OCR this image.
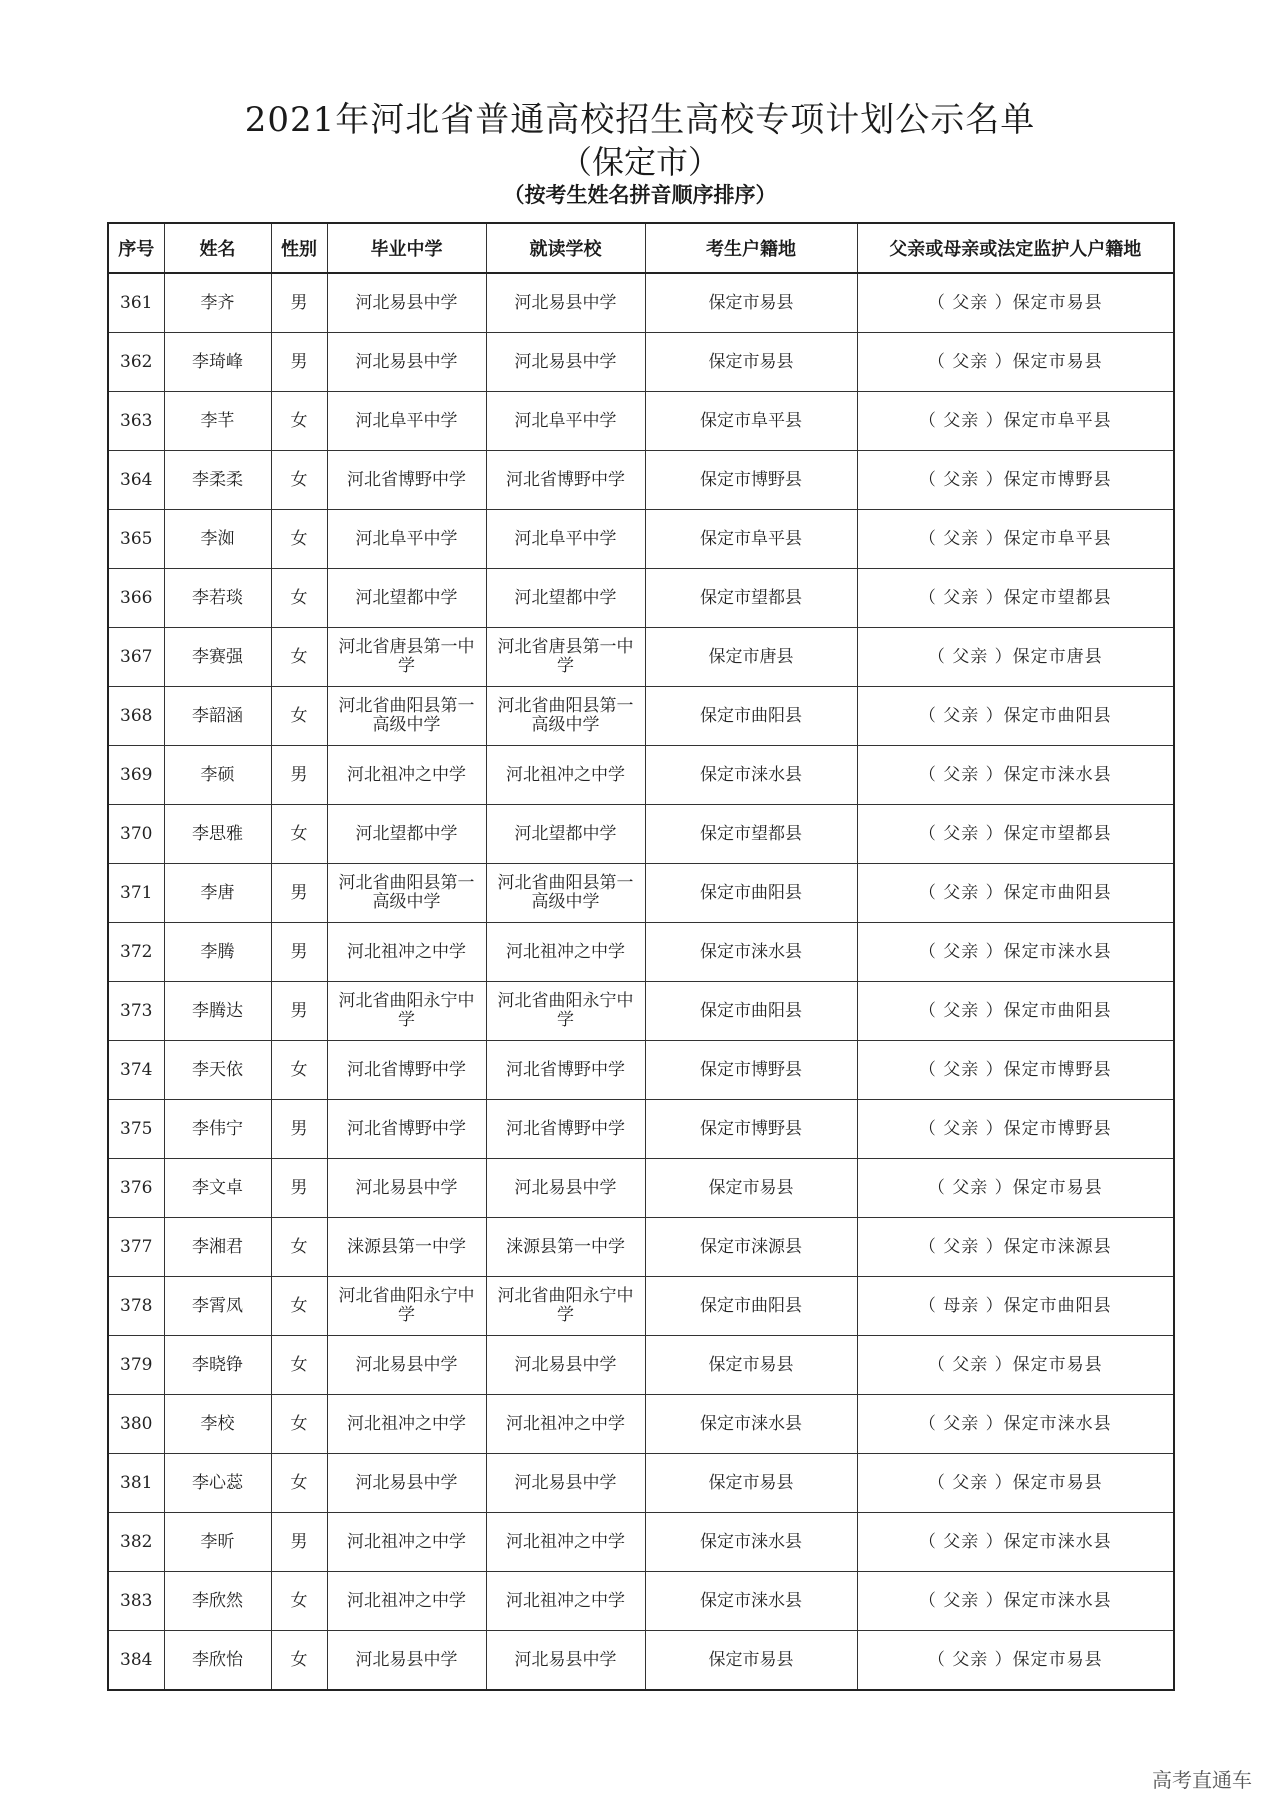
2021年河北省普通高校招生高校专项计划公示名单
（保定市）
（按考生姓名拼音顺序排序）
序号	姓名	性别	毕业中学	就读学校	考生户籍地	父亲或母亲或法定监护人户籍地
361	李齐	男	河北易县中学	河北易县中学	保定市易县	（ 父亲 ）保定市易县
362	李琦峰	男	河北易县中学	河北易县中学	保定市易县	（ 父亲 ）保定市易县
363	李芊	女	河北阜平中学	河北阜平中学	保定市阜平县	（ 父亲 ）保定市阜平县
364	李柔柔	女	河北省博野中学	河北省博野中学	保定市博野县	（ 父亲 ）保定市博野县
365	李洳	女	河北阜平中学	河北阜平中学	保定市阜平县	（ 父亲 ）保定市阜平县
366	李若琰	女	河北望都中学	河北望都中学	保定市望都县	（ 父亲 ）保定市望都县
367	李赛强	女	河北省唐县第一中学	河北省唐县第一中学	保定市唐县	（ 父亲 ）保定市唐县
368	李韶涵	女	河北省曲阳县第一高级中学	河北省曲阳县第一高级中学	保定市曲阳县	（ 父亲 ）保定市曲阳县
369	李硕	男	河北祖冲之中学	河北祖冲之中学	保定市涞水县	（ 父亲 ）保定市涞水县
370	李思雅	女	河北望都中学	河北望都中学	保定市望都县	（ 父亲 ）保定市望都县
371	李唐	男	河北省曲阳县第一高级中学	河北省曲阳县第一高级中学	保定市曲阳县	（ 父亲 ）保定市曲阳县
372	李腾	男	河北祖冲之中学	河北祖冲之中学	保定市涞水县	（ 父亲 ）保定市涞水县
373	李腾达	男	河北省曲阳永宁中学	河北省曲阳永宁中学	保定市曲阳县	（ 父亲 ）保定市曲阳县
374	李天依	女	河北省博野中学	河北省博野中学	保定市博野县	（ 父亲 ）保定市博野县
375	李伟宁	男	河北省博野中学	河北省博野中学	保定市博野县	（ 父亲 ）保定市博野县
376	李文卓	男	河北易县中学	河北易县中学	保定市易县	（ 父亲 ）保定市易县
377	李湘君	女	涞源县第一中学	涞源县第一中学	保定市涞源县	（ 父亲 ）保定市涞源县
378	李霄凤	女	河北省曲阳永宁中学	河北省曲阳永宁中学	保定市曲阳县	（ 母亲 ）保定市曲阳县
379	李晓铮	女	河北易县中学	河北易县中学	保定市易县	（ 父亲 ）保定市易县
380	李校	女	河北祖冲之中学	河北祖冲之中学	保定市涞水县	（ 父亲 ）保定市涞水县
381	李心蕊	女	河北易县中学	河北易县中学	保定市易县	（ 父亲 ）保定市易县
382	李昕	男	河北祖冲之中学	河北祖冲之中学	保定市涞水县	（ 父亲 ）保定市涞水县
383	李欣然	女	河北祖冲之中学	河北祖冲之中学	保定市涞水县	（ 父亲 ）保定市涞水县
384	李欣怡	女	河北易县中学	河北易县中学	保定市易县	（ 父亲 ）保定市易县
高考直通车
